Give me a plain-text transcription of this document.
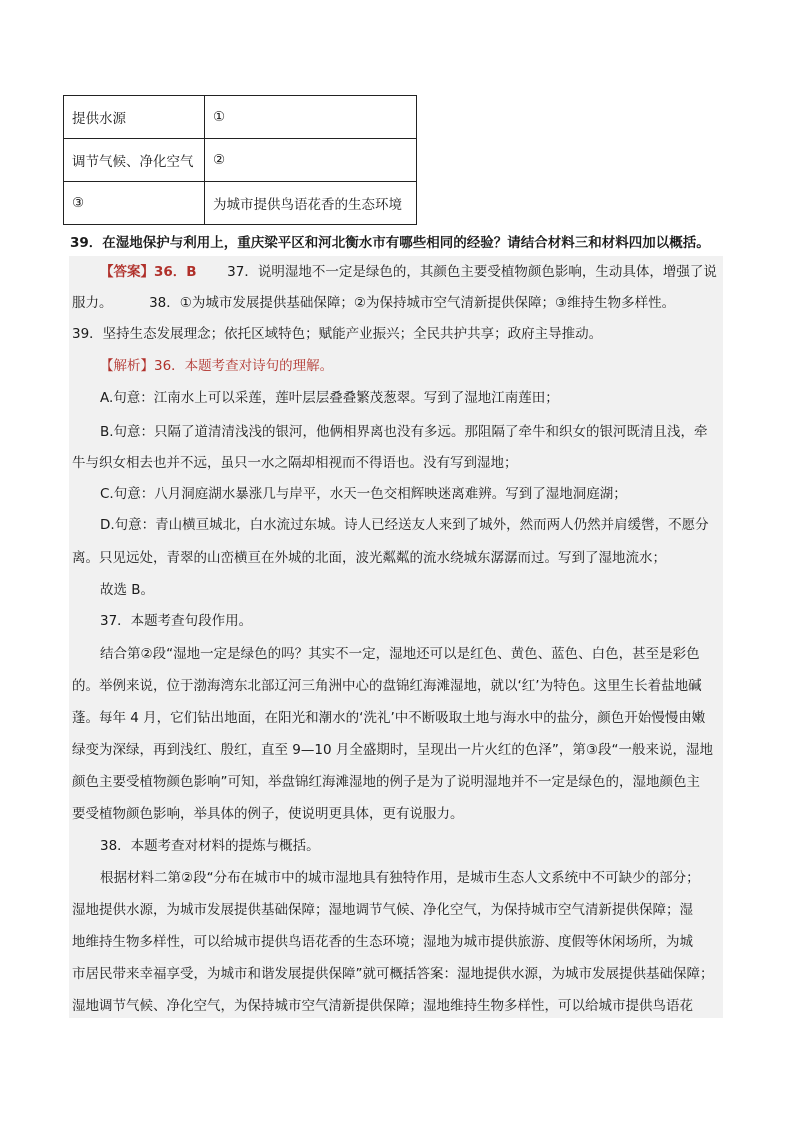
提供水源	①
调节气候、净化空气	②
③	为城市提供鸟语花香的生态环境
39．在湿地保护与利用上，重庆梁平区和河北衡水市有哪些相同的经验？请结合材料三和材料四加以概括。
【答案】36．B 37．说明湿地不一定是绿色的，其颜色主要受植物颜色影响，生动具体，增强了说
服力。	38．①为城市发展提供基础保障；②为保持城市空气清新提供保障；③维持生物多样性。
39．坚持生态发展理念；依托区域特色；赋能产业振兴；全民共护共享；政府主导推动。
【解析】36．本题考查对诗句的理解。
A.句意：江南水上可以采莲，莲叶层层叠叠繁茂葱翠。写到了湿地江南莲田；
B.句意：只隔了道清清浅浅的银河，他俩相界离也没有多远。那阻隔了牵牛和织女的银河既清且浅，牵
牛与织女相去也并不远，虽只一水之隔却相视而不得语也。没有写到湿地；
C.句意：八月洞庭湖水暴涨几与岸平，水天一色交相辉映迷离难辨。写到了湿地洞庭湖；
D.句意：青山横亘城北，白水流过东城。诗人已经送友人来到了城外，然而两人仍然并肩缓辔，不愿分
离。只见远处，青翠的山峦横亘在外城的北面，波光粼粼的流水绕城东潺潺而过。写到了湿地流水；
故选 B。
37．本题考查句段作用。
结合第②段“湿地一定是绿色的吗？其实不一定，湿地还可以是红色、黄色、蓝色、白色，甚至是彩色
的。举例来说，位于渤海湾东北部辽河三角洲中心的盘锦红海滩湿地，就以‘红’为特色。这里生长着盐地碱
蓬。每年 4 月，它们钻出地面，在阳光和潮水的‘洗礼’中不断吸取土地与海水中的盐分，颜色开始慢慢由嫩
绿变为深绿，再到浅红、殷红，直至 9—10 月全盛期时，呈现出一片火红的色泽”，第③段“一般来说，湿地
颜色主要受植物颜色影响”可知，举盘锦红海滩湿地的例子是为了说明湿地并不一定是绿色的，湿地颜色主
要受植物颜色影响，举具体的例子，使说明更具体，更有说服力。
38．本题考查对材料的提炼与概括。
根据材料二第②段“分布在城市中的城市湿地具有独特作用，是城市生态人文系统中不可缺少的部分；
湿地提供水源，为城市发展提供基础保障；湿地调节气候、净化空气，为保持城市空气清新提供保障；湿
地维持生物多样性，可以给城市提供鸟语花香的生态环境；湿地为城市提供旅游、度假等休闲场所，为城
市居民带来幸福享受，为城市和谐发展提供保障”就可概括答案：湿地提供水源，为城市发展提供基础保障；
湿地调节气候、净化空气，为保持城市空气清新提供保障；湿地维持生物多样性，可以给城市提供鸟语花
